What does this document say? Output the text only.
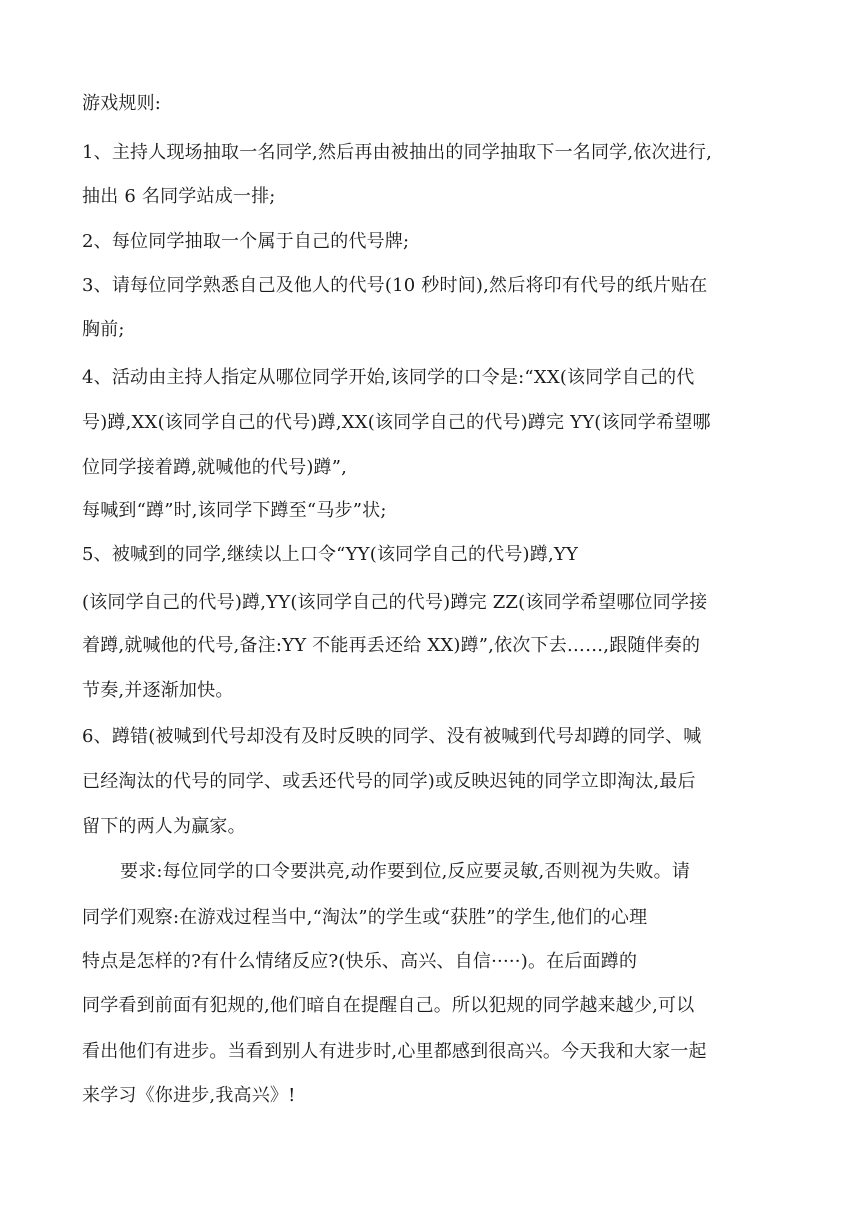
游戏规则:

1、主持人现场抽取一名同学,然后再由被抽出的同学抽取下一名同学,依次进行,

抽出 6 名同学站成一排;

2、每位同学抽取一个属于自己的代号牌;

3、请每位同学熟悉自己及他人的代号(10 秒时间),然后将印有代号的纸片贴在

胸前;

4、活动由主持人指定从哪位同学开始,该同学的口令是:“XX(该同学自己的代

号)蹲,XX(该同学自己的代号)蹲,XX(该同学自己的代号)蹲完 YY(该同学希望哪

位同学接着蹲,就喊他的代号)蹲”,

每喊到“蹲”时,该同学下蹲至“马步”状;

5、被喊到的同学,继续以上口令“YY(该同学自己的代号)蹲,YY

(该同学自己的代号)蹲,YY(该同学自己的代号)蹲完 ZZ(该同学希望哪位同学接

着蹲,就喊他的代号,备注:YY 不能再丢还给 XX)蹲”,依次下去……,跟随伴奏的

节奏,并逐渐加快。

6、蹲错(被喊到代号却没有及时反映的同学、没有被喊到代号却蹲的同学、喊

已经淘汰的代号的同学、或丢还代号的同学)或反映迟钝的同学立即淘汰,最后

留下的两人为赢家。

要求:每位同学的口令要洪亮,动作要到位,反应要灵敏,否则视为失败。请

同学们观察:在游戏过程当中,“淘汰”的学生或“获胜”的学生,他们的心理

特点是怎样的?有什么情绪反应?(快乐、高兴、自信·····)。在后面蹲的

同学看到前面有犯规的,他们暗自在提醒自己。所以犯规的同学越来越少,可以

看出他们有进步。当看到别人有进步时,心里都感到很高兴。今天我和大家一起

来学习《你进步,我高兴》!
